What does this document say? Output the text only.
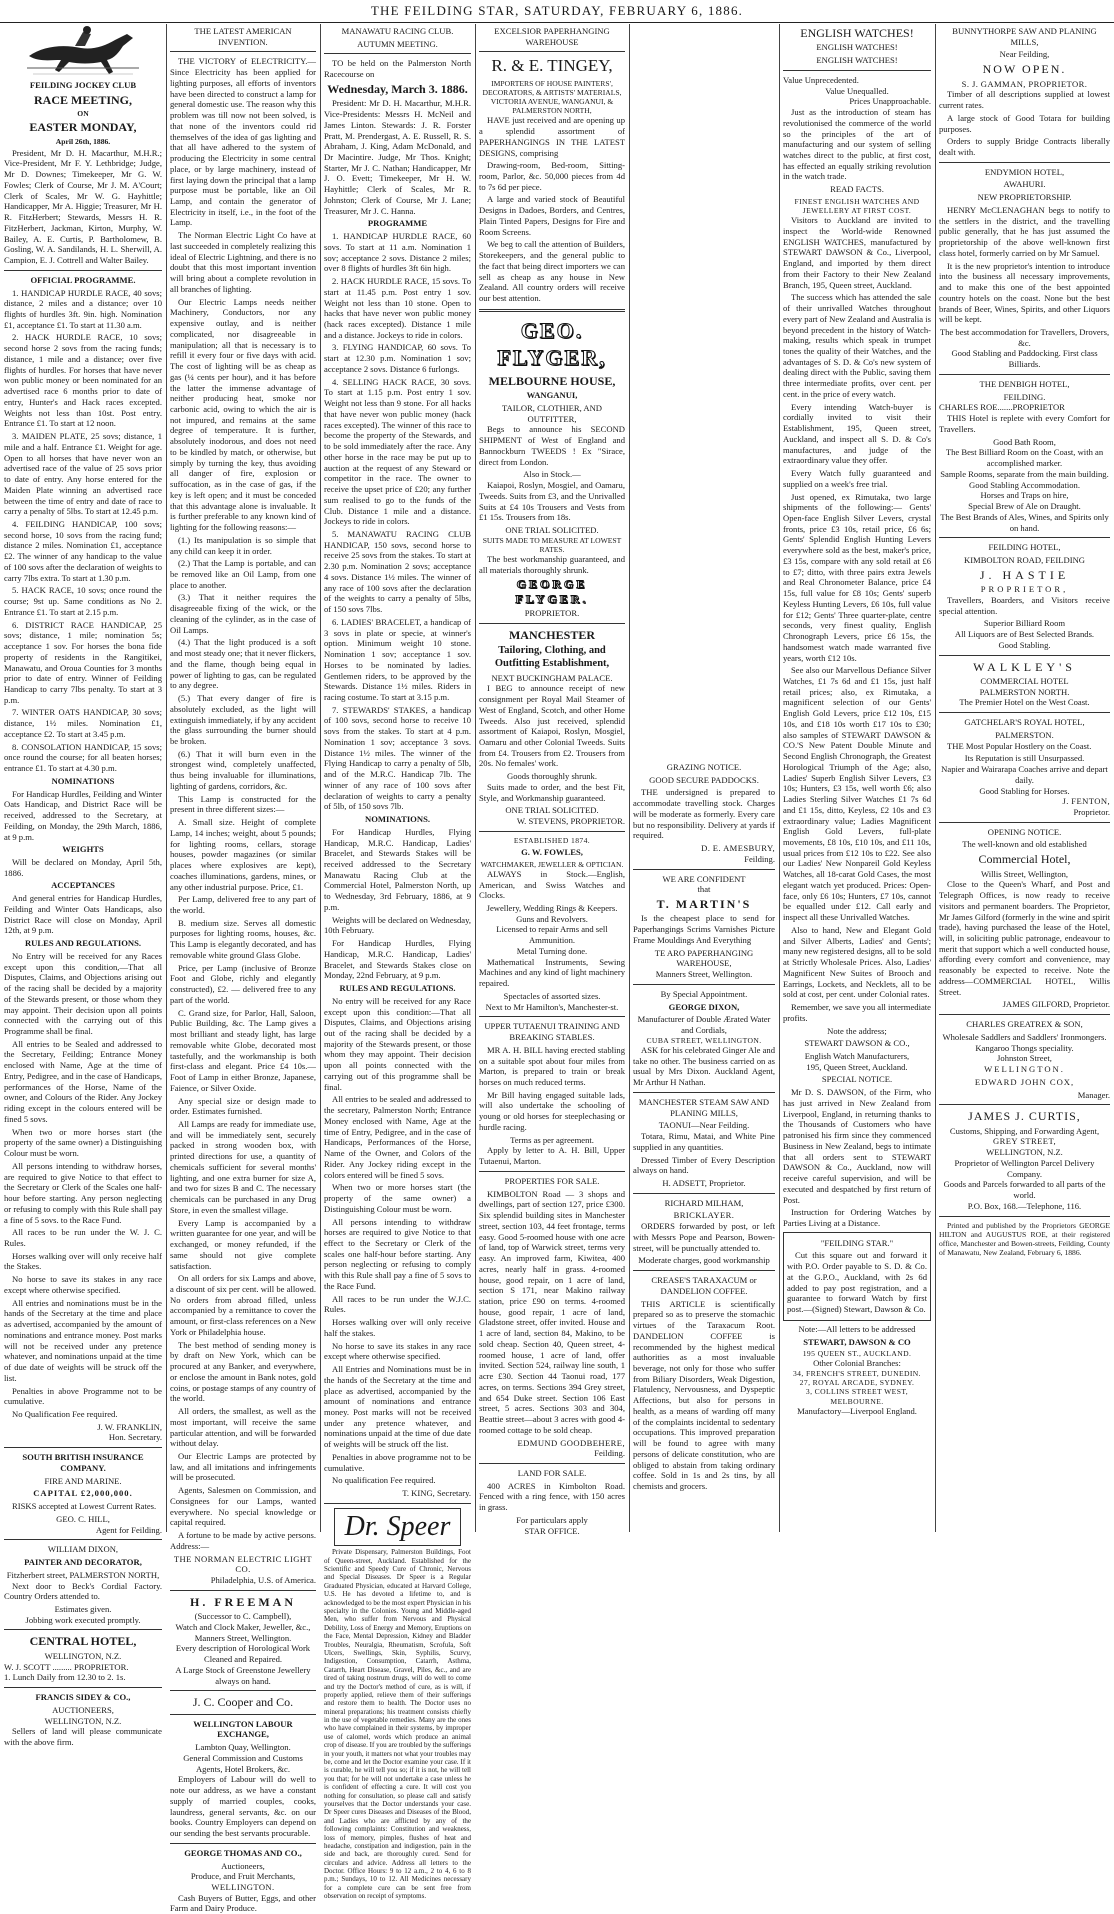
THE FEILDING STAR, SATURDAY, FEBRUARY 6, 1886.
FEILDING JOCKEY CLUB
RACE MEETING,
ON
EASTER MONDAY,
April 26th, 1886.

President, Mr D. H. Macarthur, M.H.R.; Vice-President, Mr F. Y. Lethbridge; Judge, Mr D. Downes; Timekeeper, Mr G. W. Fowles; Clerk of Course, Mr J. M. A'Court; Clerk of Scales, Mr W. G. Hayhittle; Handicapper, Mr A. Higgie; Treasurer, Mr H. R. FitzHerbert; Stewards, Messrs H. R. FitzHerbert, Jackman, Kirton, Murphy, W. Bailey, A. E. Curtis, P. Bartholomew, B. Gosling, W. A. Sandilands, H. L. Sherwill, A. Campion, E. J. Cottrell and Walter Bailey.

OFFICIAL PROGRAMME.

1. HANDICAP HURDLE RACE, 40 sovs; distance, 2 miles and a distance; over 10 flights of hurdles 3ft. 9in. high. Nomination £1, acceptance £1. To start at 11.30 a.m.

2. HACK HURDLE RACE, 10 sovs; second horse 2 sovs from the racing funds; distance, 1 mile and a distance; over five flights of hurdles. For horses that have never won public money or been nominated for an advertised race 6 months prior to date of entry, Hunter's and Hack races excepted. Weights not less than 10st. Post entry. Entrance £1. To start at 12 noon.

3. MAIDEN PLATE, 25 sovs; distance, 1 mile and a half. Entrance £1. Weight for age. Open to all horses that have never won an advertised race of the value of 25 sovs prior to date of entry. Any horse entered for the Maiden Plate winning an advertised race between the time of entry and date of race to carry a penalty of 5lbs. To start at 12.45 p.m.

4. FEILDING HANDICAP, 100 sovs; second horse, 10 sovs from the racing fund; distance 2 miles. Nomination £1, acceptance £2. The winner of any handicap to the value of 100 sovs after the declaration of weights to carry 7lbs extra. To start at 1.30 p.m.

5. HACK RACE, 10 sovs; once round the course; 9st up. Same conditions as No 2. Entrance £1. To start at 2.15 p.m.

6. DISTRICT RACE HANDICAP, 25 sovs; distance, 1 mile; nomination 5s; acceptance 1 sov. For horses the bona fide property of residents in the Rangitikei, Manawatu, and Oroua Counties for 3 months prior to date of entry. Winner of Feilding Handicap to carry 7lbs penalty. To start at 3 p.m.

7. WINTER OATS HANDICAP, 30 sovs; distance, 1½ miles. Nomination £1, acceptance £2. To start at 3.45 p.m.

8. CONSOLATION HANDICAP, 15 sovs; once round the course; for all beaten horses; entrance £1. To start at 4.30 p.m.

NOMINATIONS

For Handicap Hurdles, Feilding and Winter Oats Handicap, and District Race will be received, addressed to the Secretary, at Feilding, on Monday, the 29th March, 1886, at 9 p.m.

WEIGHTS

Will be declared on Monday, April 5th, 1886.

ACCEPTANCES

And general entries for Handicap Hurdles, Feilding and Winter Oats Handicaps, also District Race will close on Monday, April 12th, at 9 p.m.

RULES AND REGULATIONS.

No Entry will be received for any Races except upon this condition,—That all Disputes, Claims, and Objections arising out of the racing shall be decided by a majority of the Stewards present, or those whom they may appoint. Their decision upon all points connected with the carrying out of this Programme shall be final.

All entries to be Sealed and addressed to the Secretary, Feilding; Entrance Money enclosed with Name, Age at the time of Entry, Pedigree, and in the case of Handicaps, performances of the Horse, Name of the owner, and Colours of the Rider. Any Jockey riding except in the colours entered will be fined 5 sovs.

When two or more horses start (the property of the same owner) a Distinguishing Colour must be worn.

All persons intending to withdraw horses, are required to give Notice to that effect to the Secretary or Clerk of the Scales one half-hour before starting. Any person neglecting or refusing to comply with this Rule shall pay a fine of 5 sovs. to the Race Fund.

All races to be run under the W. J. C. Rules.

Horses walking over will only receive half the Stakes.

No horse to save its stakes in any race except where otherwise specified.

All entries and nominations must be in the hands of the Secretary at the time and place as advertised, accompanied by the amount of nominations and entrance money. Post marks will not be received under any pretence whatever, and nominations unpaid at the time of due date of weights will be struck off the list.

Penalties in above Programme not to be cumulative.

No Qualification Fee required.

J. W. FRANKLIN,
Hon. Secretary.
SOUTH BRITISH INSURANCE COMPANY.
FIRE AND MARINE.
CAPITAL £2,000,000.

RISKS accepted at Lowest Current Rates.

GEO. C. HILL,
Agent for Feilding.
WILLIAM DIXON,
PAINTER AND DECORATOR,
Fitzherbert street, PALMERSTON NORTH,

Next door to Beck's Cordial Factory. Country Orders attended to.

Estimates given.
Jobbing work executed promptly.
CENTRAL HOTEL,
WELLINGTON, N.Z.
W. J. SCOTT ......... PROPRIETOR.
1. Lunch Daily from 12.30 to 2. 1s.
FRANCIS SIDEY & CO.,
AUCTIONEERS,
WELLINGTON, N.Z.

Sellers of land will please communicate with the above firm.

THE LATEST AMERICAN INVENTION.

THE VICTORY of ELECTRICITY.—Since Electricity has been applied for lighting purposes, all efforts of inventors have been directed to construct a lamp for general domestic use. The reason why this problem was till now not been solved, is that none of the inventors could rid themselves of the idea of gas lighting and that all have adhered to the system of producing the Electricity in some central place, or by large machinery, instead of first laying down the principal that a lamp purpose must be portable, like an Oil Lamp, and contain the generator of Electricity in itself, i.e., in the foot of the Lamp.

The Norman Electric Light Co have at last succeeded in completely realizing this ideal of Electric Lightning, and there is no doubt that this most important invention will bring about a complete revolution in all branches of lighting.

Our Electric Lamps needs neither Machinery, Conductors, nor any expensive outlay, and is neither complicated, nor disagreeable in manipulation; all that is necessary is to refill it every four or five days with acid. The cost of lighting will be as cheap as gas (¼ cents per hour), and it has before the latter the immense advantage of neither producing heat, smoke nor carbonic acid, owing to which the air is not impured, and remains at the same degree of temperature. It is further, absolutely inodorous, and does not need to be kindled by match, or otherwise, but simply by turning the key, thus avoiding all danger of fire, explosion or suffocation, as in the case of gas, if the key is left open; and it must be conceded that this advantage alone is invaluable. It is further preferable to any known kind of lighting for the following reasons:—

(1.) Its manipulation is so simple that any child can keep it in order.

(2.) That the Lamp is portable, and can be removed like an Oil Lamp, from one place to another.

(3.) That it neither requires the disagreeable fixing of the wick, or the cleaning of the cylinder, as in the case of Oil Lamps.

(4.) That the light produced is a soft and most steady one; that it never flickers, and the flame, though being equal in power of lighting to gas, can be regulated to any degree.

(5.) That every danger of fire is absolutely excluded, as the light will extinguish immediately, if by any accident the glass surrounding the burner should be broken.

(6.) That it will burn even in the strongest wind, completely unaffected, thus being invaluable for illuminations, lighting of gardens, corridors, &c.

This Lamp is constructed for the present in three different sizes:—

A. Small size. Height of complete Lamp, 14 inches; weight, about 5 pounds; for lighting rooms, cellars, storage houses, powder magazines (or similar places where explosives are kept), coaches illuminations, gardens, mines, or any other industrial purpose. Price, £1.

Per Lamp, delivered free to any part of the world.

B. medium size. Serves all domestic purposes for lighting rooms, houses, &c. This Lamp is elegantly decorated, and has removable white ground Glass Globe.

Price, per Lamp (inclusive of Bronze Foot and Globe, richly and elegantly constructed), £2. — delivered free to any part of the world.

C. Grand size, for Parlor, Hall, Saloon, Public Building, &c. The Lamp gives a most brilliant and steady light, has large removable white Globe, decorated most tastefully, and the workmanship is both first-class and elegant. Price £4 10s.—Foot of Lamp in either Bronze, Japanese, Faience, or Silver Oxide.

Any special size or design made to order. Estimates furnished.

All Lamps are ready for immediate use, and will be immediately sent, securely packed in strong wooden box, with printed directions for use, a quantity of chemicals sufficient for several months' lighting, and one extra burner for size A, and two for sizes B and C. The necessary chemicals can be purchased in any Drug Store, in even the smallest village.

Every Lamp is accompanied by a written guarantee for one year, and will be exchanged, or money refunded, if the same should not give complete satisfaction.

On all orders for six Lamps and above, a discount of six per cent. will be allowed. No orders from abroad filled, unless accompanied by a remittance to cover the amount, or first-class references on a New York or Philadelphia house.

The best method of sending money is by draft on New York, which can be procured at any Banker, and everywhere, or enclose the amount in Bank notes, gold coins, or postage stamps of any country of the world.

All orders, the smallest, as well as the most important, will receive the same particular attention, and will be forwarded without delay.

Our Electric Lamps are protected by law, and all imitations and infringements will be prosecuted.

Agents, Salesmen on Commission, and Consignees for our Lamps, wanted everywhere. No special knowledge or capital required.

A fortune to be made by active persons. Address:—

THE NORMAN ELECTRIC LIGHT CO.
Philadelphia, U.S. of America.
H. FREEMAN
(Successor to C. Campbell),
Watch and Clock Maker, Jeweller, &c.,
Manners Street, Wellington.
Every description of Horological Work
Cleaned and Repaired.
A Large Stock of Greenstone Jewellery
always on hand.
J. C. Cooper and Co.
WELLINGTON LABOUR EXCHANGE,
Lambton Quay, Wellington.
General Commission and Customs Agents, Hotel Brokers, &c.

Employers of Labour will do well to note our address, as we have a constant supply of married couples, cooks, laundress, general servants, &c. on our books. Country Employers can depend on our sending the best servants procurable.

GEORGE THOMAS AND CO.,
Auctioneers,
Produce, and Fruit Merchants,
WELLINGTON.

Cash Buyers of Butter, Eggs, and other Farm and Dairy Produce.

MANAWATU RACING CLUB.
AUTUMN MEETING.

TO be held on the Palmerston North Racecourse on

Wednesday, March 3. 1886.

President: Mr D. H. Macarthur, M.H.R. Vice-Presidents: Messrs H. McNeil and James Linton. Stewards: J. R. Forster Pratt, M. Prendergast, A. E. Russell, R. S. Abraham, J. King, Adam McDonald, and Dr Macintire. Judge, Mr Thos. Knight; Starter, Mr J. C. Nathan; Handicapper, Mr J. O. Evett; Timekeeper, Mr H. W. Hayhittle; Clerk of Scales, Mr R. Johnston; Clerk of Course, Mr J. Lane; Treasurer, Mr J. C. Hanna.

PROGRAMME

1. HANDICAP HURDLE RACE, 60 sovs. To start at 11 a.m. Nomination 1 sov; acceptance 2 sovs. Distance 2 miles; over 8 flights of hurdles 3ft 6in high.

2. HACK HURDLE RACE, 15 sovs. To start at 11.45 p.m. Post entry 1 sov. Weight not less than 10 stone. Open to hacks that have never won public money (hack races excepted). Distance 1 mile and a distance. Jockeys to ride in colors.

3. FLYING HANDICAP, 60 sovs. To start at 12.30 p.m. Nomination 1 sov; acceptance 2 sovs. Distance 6 furlongs.

4. SELLING HACK RACE, 30 sovs. To start at 1.15 p.m. Post entry 1 sov. Weight not less than 9 stone. For all hacks that have never won public money (hack races excepted). The winner of this race to become the property of the Stewards, and to be sold immediately after the race. Any other horse in the race may be put up to auction at the request of any Steward or competitor in the race. The owner to receive the upset price of £20; any further sum realised to go to the funds of the Club. Distance 1 mile and a distance. Jockeys to ride in colors.

5. MANAWATU RACING CLUB HANDICAP, 150 sovs, second horse to receive 25 sovs from the stakes. To start at 2.30 p.m. Nomination 2 sovs; acceptance 4 sovs. Distance 1½ miles. The winner of any race of 100 sovs after the declaration of the weights to carry a penalty of 5lbs, of 150 sovs 7lbs.

6. LADIES' BRACELET, a handicap of 3 sovs in plate or specie, at winner's option. Minimum weight 10 stone. Nomination 1 sov; acceptance 1 sov. Horses to be nominated by ladies. Gentlemen riders, to be approved by the Stewards. Distance 1½ miles. Riders in racing costume. To start at 3.15 p.m.

7. STEWARDS' STAKES, a handicap of 100 sovs, second horse to receive 10 sovs from the stakes. To start at 4 p.m. Nomination 1 sov; acceptance 3 sovs. Distance 1½ miles. The winner of the Flying Handicap to carry a penalty of 5lb, and of the M.R.C. Handicap 7lb. The winner of any race of 100 sovs after declaration of weights to carry a penalty of 5lb, of 150 sovs 7lb.

NOMINATIONS.

For Handicap Hurdles, Flying Handicap, M.R.C. Handicap, Ladies' Bracelet, and Stewards Stakes will be received addressed to the Secretary Manawatu Racing Club at the Commercial Hotel, Palmerston North, up to Wednesday, 3rd February, 1886, at 9 p.m.

Weights will be declared on Wednesday, 10th February.

For Handicap Hurdles, Flying Handicap, M.R.C. Handicap, Ladies' Bracelet, and Stewards Stakes close on Monday, 22nd February, at 9 p.m.

RULES AND REGULATIONS.

No entry will be received for any Race except upon this condition:—That all Disputes, Claims, and Objections arising out of the racing shall be decided by a majority of the Stewards present, or those whom they may appoint. Their decision upon all points connected with the carrying out of this programme shall be final.

All entries to be sealed and addressed to the secretary, Palmerston North; Entrance Money enclosed with Name, Age at the time of Entry, Pedigree, and in the case of Handicaps, Performances of the Horse, Name of the Owner, and Colors of the Rider. Any Jockey riding except in the colors entered will be fined 5 sovs.

When two or more horses start (the property of the same owner) a Distinguishing Colour must be worn.

All persons intending to withdraw horses are required to give Notice to that effect to the Secretary or Clerk of the scales one half-hour before starting. Any person neglecting or refusing to comply with this Rule shall pay a fine of 5 sovs to the Race Fund.

All races to be run under the W.J.C. Rules.

Horses walking over will only receive half the stakes.

No horse to save its stakes in any race except where otherwise specified.

All Entries and Nominations must be in the hands of the Secretary at the time and place as advertised, accompanied by the amount of nominations and entrance money. Post marks will not be received under any pretence whatever, and nominations unpaid at the time of due date of weights will be struck off the list.

Penalties in above programme not to be cumulative.

No qualification Fee required.

T. KING, Secretary.
Dr. Speer

Private Dispensary, Palmerston Buildings, Foot of Queen-street, Auckland. Established for the Scientific and Speedy Cure of Chronic, Nervous and Special Diseases. Dr Speer is a Regular Graduated Physician, educated at Harvard College, U.S. He has devoted a lifetime to, and is acknowledged to be the most expert Physician in his specialty in the Colonies. Young and Middle-aged Men, who suffer from Nervous and Physical Debility, Loss of Energy and Memory, Eruptions on the Face, Mental Depression, Kidney and Bladder Troubles, Neuralgia, Rheumatism, Scrofula, Soft Ulcers, Swellings, Skin, Syphilis, Scurvy, Indigestion, Consumption, Catarrh, Asthma, Catarrh, Heart Disease, Gravel, Piles, &c., and are tired of taking nostrum drugs, will do well to come and try the Doctor's method of cure, as is will, if properly applied, relieve them of their sufferings and restore them to health. The Doctor uses no mineral preparations; his treatment consists chiefly in the use of vegetable remedies. Many are the ones who have complained in their systems, by improper use of calomel, words which produce an animal crop of disease. If you are troubled by the sufferings in your youth, it matters not what your troubles may be, come and let the Doctor examine your case. If it is curable, he will tell you so; if it is not, he will tell you that; for he will not undertake a case unless he is confident of effecting a cure. It will cost you nothing for consultation, so please call and satisfy yourselves that the Doctor understands your case. Dr Speer cures Diseases and Diseases of the Blood, and Ladies who are afflicted by any of the following complaints: Constitution and weakness, loss of memory, pimples, flushes of heat and headache, constipation and indigestion, pain in the side and back, are thoroughly cured. Send for circulars and advice. Address all letters to the Doctor. Office Hours: 9 to 12 a.m., 2 to 4, 6 to 8 p.m.; Sundays, 10 to 12. All Medicines necessary for a complete cure can be sent free from observation on receipt of symptoms.

EXCELSIOR PAPERHANGING WAREHOUSE
R. & E. TINGEY,
IMPORTERS OF HOUSE PAINTERS', DECORATORS, & ARTISTS' MATERIALS,
VICTORIA AVENUE, WANGANUI, & PALMERSTON NORTH,

HAVE just received and are opening up a splendid assortment of PAPERHANGINGS IN THE LATEST DESIGNS, comprising

Drawing-room, Bed-room, Sitting-room, Parlor, &c. 50,000 pieces from 4d to 7s 6d per piece.

A large and varied stock of Beautiful Designs in Dadoes, Borders, and Centres, Plain Tinted Papers, Designs for Fire and Room Screens.

We beg to call the attention of Builders, Storekeepers, and the general public to the fact that being direct importers we can sell as cheap as any house in New Zealand. All country orders will receive our best attention.

GEO. FLYGER,
MELBOURNE HOUSE,
WANGANUI,
TAILOR, CLOTHIER, AND OUTFITTER,

Begs to announce his SECOND SHIPMENT of West of England and Bannockburn TWEEDS ! Ex "Sirace, direct from London.

Also in Stock.—

Kaiapoi, Roslyn, Mosgiel, and Oamaru, Tweeds. Suits from £3, and the Unrivalled Suits at £4 10s Trousers and Vests from £1 15s. Trousers from 18s.

ONE TRIAL SOLICITED.
SUITS MADE TO MEASURE AT LOWEST RATES.

The best workmanship guaranteed, and all materials thoroughly shrunk.

GEORGE FLYGER.
PROPRIETOR.
MANCHESTER
Tailoring, Clothing, and Outfitting Establishment,
NEXT BUCKINGHAM PALACE.

I BEG to announce receipt of new consignment per Royal Mail Steamer of West of England, Scotch, and other Home Tweeds. Also just received, splendid assortment of Kaiapoi, Roslyn, Mosgiel, Oamaru and other Colonial Tweeds. Suits from £4. Trousers from £2. Trousers from 20s. No females' work.

Goods thoroughly shrunk.

Suits made to order, and the best Fit, Style, and Workmanship guaranteed.

ONE TRIAL SOLICITED.
W. STEVENS, PROPRIETOR.
ESTABLISHED 1874.
G. W. FOWLES,
WATCHMAKER, JEWELLER & OPTICIAN.

ALWAYS in Stock.—English, American, and Swiss Watches and Clocks.

Jewellery, Wedding Rings & Keepers.
Guns and Revolvers.
Licensed to repair Arms and sell Ammunition.
Metal Turning done.

Mathematical Instruments, Sewing Machines and any kind of light machinery repaired.

Spectacles of assorted sizes.
Next to Mr Hamilton's, Manchester-st.
UPPER TUTAENUI TRAINING AND BREAKING STABLES.

MR A. H. BILL having erected stabling on a suitable spot about four miles from Marton, is prepared to train or break horses on much reduced terms.

Mr Bill having engaged suitable lads, will also undertake the schooling of young or old horses for steeplechasing or hurdle racing.

Terms as per agreement.

Apply by letter to A. H. Bill, Upper Tutaenui, Marton.

PROPERTIES FOR SALE.

KIMBOLTON Road — 3 shops and dwellings, part of section 127, price £300. Six splendid building sites in Manchester street, section 103, 44 feet frontage, terms easy. Good 5-roomed house with one acre of land, top of Warwick street, terms very easy. An improved farm, Kiwitea, 400 acres, nearly half in grass. 4-roomed house, good repair, on 1 acre of land, section S 171, near Makino railway station, price £90 on terms. 4-roomed house, good repair, 1 acre of land, Gladstone street, offer invited. House and 1 acre of land, section 84, Makino, to be sold cheap. Section 40, Queen street, 4-roomed house, 1 acre of land, offer invited. Section 524, railway line south, 1 acre £30. Section 44 Taonui road, 177 acres, on terms. Sections 394 Grey street, and 654 Duke street. Section 106 East street, 5 acres. Sections 303 and 304, Beattie street—about 3 acres with good 4-roomed cottage to be sold cheap.

EDMUND GOODBEHERE,
Feilding.
LAND FOR SALE.

400 ACRES in Kimbolton Road. Fenced with a ring fence, with 150 acres in grass.

For particulars apply
STAR OFFICE.
GRAZING NOTICE.
GOOD SECURE PADDOCKS.

THE undersigned is prepared to accommodate travelling stock. Charges will be moderate as formerly. Every care but no responsibility. Delivery at yards if required.

D. E. AMESBURY,
Feilding.
WE ARE CONFIDENT
that
T. MARTIN'S

Is the cheapest place to send for Paperhangings Scrims Varnishes Picture Frame Mouldings And Everything

TE ARO PAPERHANGING WAREHOUSE,
Manners Street, Wellington.
By Special Appointment.
GEORGE DIXON,
Manufacturer of Double Ærated Water and Cordials,
CUBA STREET, WELLINGTON.

ASK for his celebrated Ginger Ale and take no other. The business carried on as usual by Mrs Dixon. Auckland Agent, Mr Arthur H Nathan.

MANCHESTER STEAM SAW AND PLANING MILLS,
TAONUI—Near Feilding.

Totara, Rimu, Matai, and White Pine supplied in any quantities.

Dressed Timber of Every Description always on hand.

H. ADSETT, Proprietor.
RICHARD MILHAM,
BRICKLAYER.

ORDERS forwarded by post, or left with Messrs Pope and Pearson, Bowen-street, will be punctually attended to.

Moderate charges, good workmanship
CREASE'S TARAXACUM or DANDELION COFFEE.

THIS ARTICLE is scientifically prepared so as to preserve the stomachic virtues of the Taraxacum Root. DANDELION COFFEE is recommended by the highest medical authorities as a most invaluable beverage, not only for those who suffer from Biliary Disorders, Weak Digestion, Flatulency, Nervousness, and Dyspeptic Affections, but also for persons in health, as a means of warding off many of the complaints incidental to sedentary occupations. This improved preparation will be found to agree with many persons of delicate constitution, who are obliged to abstain from taking ordinary coffee. Sold in 1s and 2s tins, by all chemists and grocers.

ENGLISH WATCHES!
ENGLISH WATCHES!
ENGLISH WATCHES!
Value Unprecedented.
Value Unequalled.
Prices Unapproachable.

Just as the introduction of steam has revolutionised the commerce of the world so the principles of the art of manufacturing and our system of selling watches direct to the public, at first cost, has effected an equally striking revolution in the watch trade.

READ FACTS.
FINEST ENGLISH WATCHES AND JEWELLERY AT FIRST COST.

Visitors to Auckland are invited to inspect the World-wide Renowned ENGLISH WATCHES, manufactured by STEWART DAWSON & Co., Liverpool, England, and imported by them direct from their Factory to their New Zealand Branch, 195, Queen street, Auckland.

The success which has attended the sale of their unrivalled Watches throughout every part of New Zealand and Australia is beyond precedent in the history of Watch-making, results which speak in trumpet tones the quality of their Watches, and the advantages of S. D. & Co's new system of dealing direct with the Public, saving them three intermediate profits, over cent. per cent. in the price of every watch.

Every intending Watch-buyer is cordially invited to visit their Establishment, 195, Queen street, Auckland, and inspect all S. D. & Co's manufactures, and judge of the extraordinary value they offer.

Every Watch fully guaranteed and supplied on a week's free trial.

Just opened, ex Rimutaka, two large shipments of the following:— Gents' Open-face English Silver Levers, crystal fronts, price £3 10s, retail price, £6 6s; Gents' Splendid English Hunting Levers everywhere sold as the best, maker's price, £3 15s, compare with any sold retail at £6 to £7; ditto, with three pairs extra Jewels and Real Chronometer Balance, price £4 15s, full value for £8 10s; Gents' superb Keyless Hunting Levers, £6 10s, full value for £12; Gents' Three quarter-plate, centre seconds, very finest quality, English Chronograph Levers, price £6 15s, the handsomest watch made warranted five years, worth £12 10s.

See also our Marvellous Defiance Silver Watches, £1 7s 6d and £1 15s, just half retail prices; also, ex Rimutaka, a magnificent selection of our Gents' English Gold Levers, price £12 10s, £15 10s, and £18 10s worth £17 10s to £30; also samples of STEWART DAWSON & CO.'S New Patent Double Minute and Second English Chronograph, the Greatest Horological Triumph of the Age; also, Ladies' Superb English Silver Levers, £3 10s; Hunters, £3 15s, well worth £6; also Ladies Sterling Silver Watches £1 7s 6d and £1 15s, ditto, Keyless, £2 10s and £3 extraordinary value; Ladies Magnificent English Gold Levers, full-plate movements, £8 10s, £10 10s, and £11 10s, usual prices from £12 10s to £22. See also our Ladies' New Nonpareil Gold Keyless Watches, all 18-carat Gold Cases, the most elegant watch yet produced. Prices: Open-face, only £6 10s; Hunters, £7 10s, cannot be equalled under £12. Call early and inspect all these Unrivalled Watches.

Also to hand, New and Elegant Gold and Silver Alberts, Ladies' and Gents'; many new registered designs, all to be sold at Strictly Wholesale Prices. Also, Ladies' Magnificent New Suites of Brooch and Earrings, Lockets, and Necklets, all to be sold at cost, per cent. under Colonial rates.

Remember, we save you all intermediate profits.

Note the address;
STEWART DAWSON & CO.,
English Watch Manufacturers,
195, Queen Street, Auckland.
SPECIAL NOTICE.

Mr D. S. DAWSON, of the Firm, who has just arrived in New Zealand from Liverpool, England, in returning thanks to the Thousands of Customers who have patronised his firm since they commenced Business in New Zealand, begs to intimate that all orders sent to STEWART DAWSON & Co., Auckland, now will receive careful supervision, and will be executed and despatched by first return of Post.

Instruction for Ordering Watches by Parties Living at a Distance.

"FEILDING STAR."

Cut this square out and forward it with P.O. Order payable to S. D. & Co. at the G.P.O., Auckland, with 2s 6d added to pay post registration, and a guarantee to forward Watch by first post.—(Signed) Stewart, Dawson & Co.

Note:—All letters to be addressed
STEWART, DAWSON & CO
195 QUEEN ST., AUCKLAND.
Other Colonial Branches:
34, FRENCH'S STREET, DUNEDIN.
27, ROYAL ARCADE, SYDNEY.
3, COLLINS STREET WEST, MELBOURNE.
Manufactory—Liverpool England.
BUNNYTHORPE SAW AND PLANING MILLS,
Near Feilding,
NOW OPEN.
S. J. GAMMAN, PROPRIETOR.

Timber of all descriptions supplied at lowest current rates.

A large stock of Good Totara for building purposes.

Orders to supply Bridge Contracts liberally dealt with.

ENDYMION HOTEL,
AWAHURI.
NEW PROPRIETORSHIP.

HENRY McCLENAGHAN begs to notify to the settlers in the district, and the travelling public generally, that he has just assumed the proprietorship of the above well-known first class hotel, formerly carried on by Mr Samuel.

It is the new proprietor's intention to introduce into the business all necessary improvements, and to make this one of the best appointed country hotels on the coast. None but the best brands of Beer, Wines, Spirits, and other Liquors will be kept.

The best accommodation for Travellers, Drovers, &c.
Good Stabling and Paddocking. First class Billiards.
THE DENBIGH HOTEL,
FEILDING.
CHARLES ROE.......PROPRIETOR

THIS Hotel is replete with every Comfort for Travellers.

Good Bath Room,
The Best Billiard Room on the Coast, with an accomplished marker.
Sample Rooms, separate from the main building.
Good Stabling Accommodation.
Horses and Traps on hire,
Special Brew of Ale on Draught.
The Best Brands of Ales, Wines, and Spirits only on hand.
FEILDING HOTEL,
KIMBOLTON ROAD, FEILDING
J. HASTIE
PROPRIETOR,

Travellers, Boarders, and Visitors receive special attention.

Superior Billiard Room
All Liquors are of Best Selected Brands.
Good Stabling.
WALKLEY'S
COMMERCIAL HOTEL
PALMERSTON NORTH.
The Premier Hotel on the West Coast.
GATCHELAR'S ROYAL HOTEL,
PALMERSTON.

THE Most Popular Hostlery on the Coast.

Its Reputation is still Unsurpassed.
Napier and Wairarapa Coaches arrive and depart daily.
Good Stabling for Horses.
J. FENTON,
Proprietor.
OPENING NOTICE.
The well-known and old established
Commercial Hotel,
Willis Street, Wellington,

Close to the Queen's Wharf, and Post and Telegraph Offices, is now ready to receive visitors and permanent boarders. The Proprietor, Mr James Gilford (formerly in the wine and spirit trade), having purchased the lease of the Hotel, will, in soliciting public patronage, endeavour to merit that support which a well conducted house, affording every comfort and convenience, may reasonably be expected to receive. Note the address—COMMERCIAL HOTEL, Willis Street.

JAMES GILFORD, Proprietor.
CHARLES GREATREX & SON,
Wholesale Saddlers and Saddlers' Ironmongers.
Kangaroo Thongs speciality.
Johnston Street,
WELLINGTON.
EDWARD JOHN COX,
Manager.
JAMES J. CURTIS,
Customs, Shipping, and Forwarding Agent,
GREY STREET,
WELLINGTON, N.Z.
Proprietor of Wellington Parcel Delivery Company.
Goods and Parcels forwarded to all parts of the world.
P.O. Box, 168.—Telephone, 116.

Printed and published by the Proprietors GEORGE HILTON and AUGUSTUS ROE, at their registered office, Manchester and Bowen-streets, Feilding, County of Manawatu, New Zealand, February 6, 1886.
